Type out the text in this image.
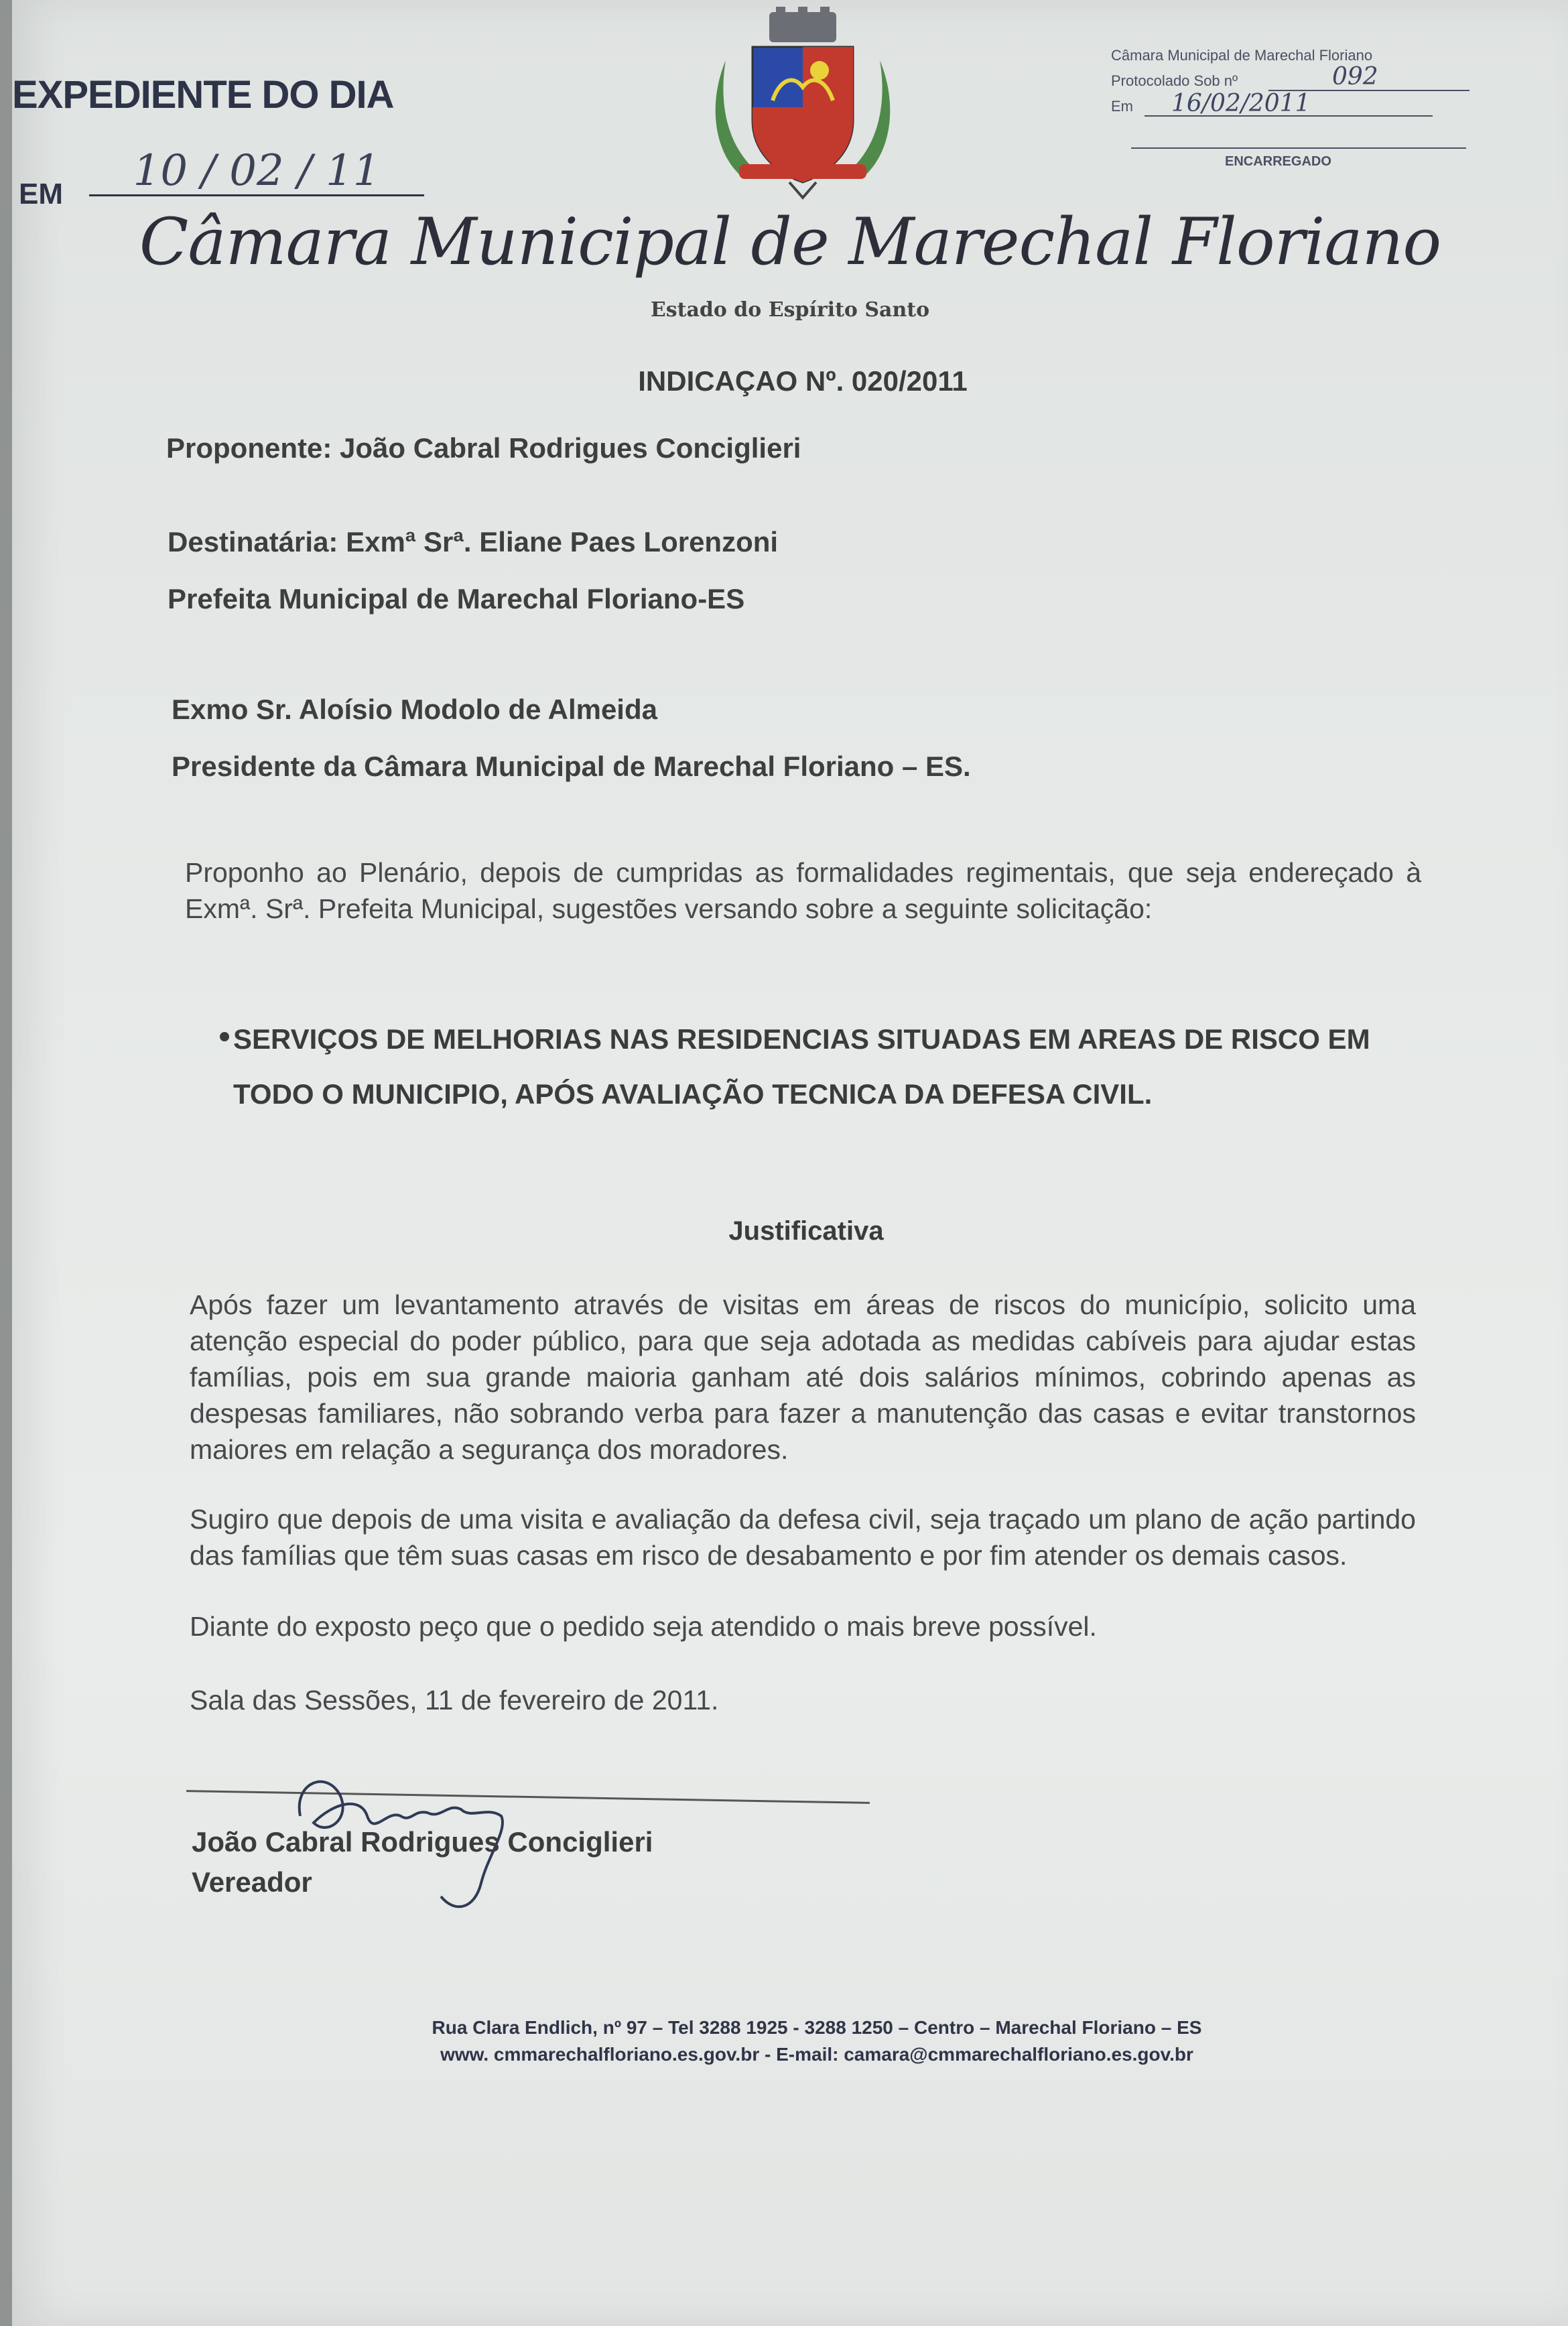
EXPEDIENTE DO DIA
EM	10 / 02 / 11
Câmara Municipal de Marechal Floriano
Protocolado Sob nº	092
Em 16/02/2011
ENCARREGADO
Câmara Municipal de Marechal Floriano
Estado do Espírito Santo
INDICAÇAO Nº. 020/2011
Proponente: João Cabral Rodrigues Conciglieri
Destinatária: Exmª Srª. Eliane Paes Lorenzoni
Prefeita Municipal de Marechal Floriano-ES
Exmo Sr. Aloísio Modolo de Almeida
Presidente da Câmara Municipal de Marechal Floriano – ES.
Proponho ao Plenário, depois de cumpridas as formalidades regimentais, que seja endereçado à Exmª. Srª. Prefeita Municipal, sugestões versando sobre a seguinte solicitação:
SERVIÇOS DE MELHORIAS NAS RESIDENCIAS SITUADAS EM AREAS DE RISCO EM TODO O MUNICIPIO, APÓS AVALIAÇÃO TECNICA DA DEFESA CIVIL.
Justificativa
Após fazer um levantamento através de visitas em áreas de riscos do município, solicito uma atenção especial do poder público, para que seja adotada as medidas cabíveis para ajudar estas famílias, pois em sua grande maioria ganham até dois salários mínimos, cobrindo apenas as despesas familiares, não sobrando verba para fazer a manutenção das casas e evitar transtornos maiores em relação a segurança dos moradores.
Sugiro que depois de uma visita e avaliação da defesa civil, seja traçado um plano de ação partindo das famílias que têm suas casas em risco de desabamento e por fim atender os demais casos.
Diante do exposto peço que o pedido seja atendido o mais breve possível.
Sala das Sessões, 11 de fevereiro de 2011.
João Cabral Rodrigues Conciglieri
Vereador
Rua Clara Endlich, nº 97 – Tel 3288 1925 - 3288 1250 – Centro – Marechal Floriano – ES
www. cmmarechalfloriano.es.gov.br - E-mail: camara@cmmarechalfloriano.es.gov.br
